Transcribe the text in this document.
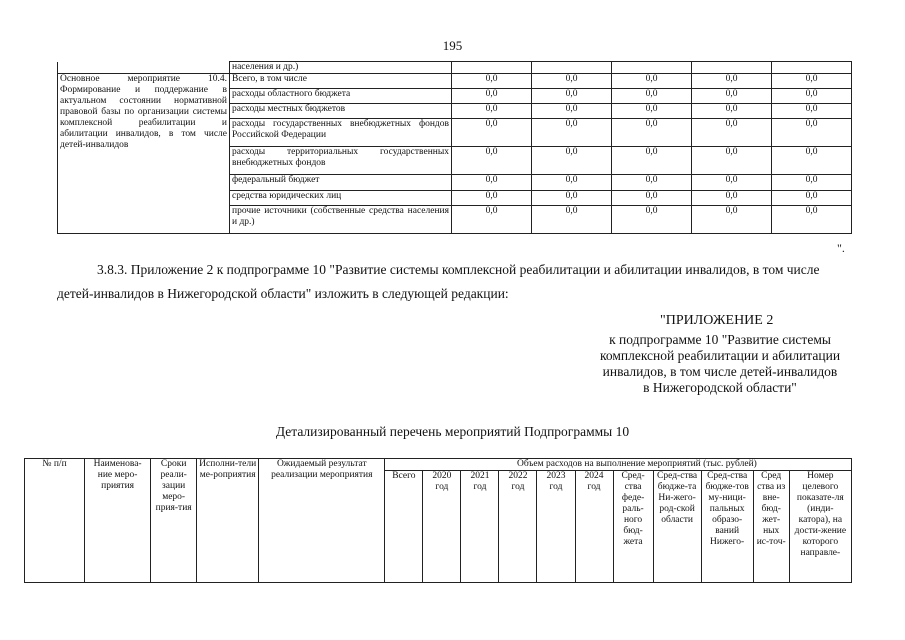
195
	населения и др.)					
Основное мероприятие 10.4. Формирование и поддержание в актуальном состоянии нормативной правовой базы по организации системы комплексной реабилитации и абилитации инвалидов, в том числе детей-инвалидов	Всего, в том числе	0,0	0,0	0,0	0,0	0,0
	расходы областного бюджета	0,0	0,0	0,0	0,0	0,0
	расходы местных бюджетов	0,0	0,0	0,0	0,0	0,0
	расходы государственных внебюджетных фондов Российской Федерации	0,0	0,0	0,0	0,0	0,0
	расходы территориальных государственных внебюджетных фондов	0,0	0,0	0,0	0,0	0,0
	федеральный бюджет	0,0	0,0	0,0	0,0	0,0
	средства юридических лиц	0,0	0,0	0,0	0,0	0,0
	прочие источники (собственные средства населения и др.)	0,0	0,0	0,0	0,0	0,0
".
3.8.3. Приложение 2 к подпрограмме 10 "Развитие системы комплексной реабилитации и абилитации инвалидов, в том числе детей-инвалидов в Нижегородской области" изложить в следующей редакции:
"ПРИЛОЖЕНИЕ 2
к подпрограмме 10 "Развитие системы
комплексной реабилитации и абилитации
инвалидов, в том числе детей-инвалидов
в Нижегородской области"
Детализированный перечень мероприятий Подпрограммы 10
№ п/п	Наименова-ние меро-приятия	Сроки реали-зации меро-прия-тия	Исполни-тели ме-роприятия	Ожидаемый результат реализации мероприятия		Объем расходов на выполнение мероприятий (тыс. рублей)									
					Всего	2020 год	2021 год	2022 год	2023 год	2024 год	Сред-ства феде-раль-ного бюд-жета	Сред-ства бюдже-та Ни-жего-род-ской области	Сред-ства бюдже-тов му-ници-пальных образо-ваний Нижего-	Сред ства из вне-бюд-жет-ных ис-точ-	Номер целевого показате-ля (инди-катора), на дости-жение которого направле-
